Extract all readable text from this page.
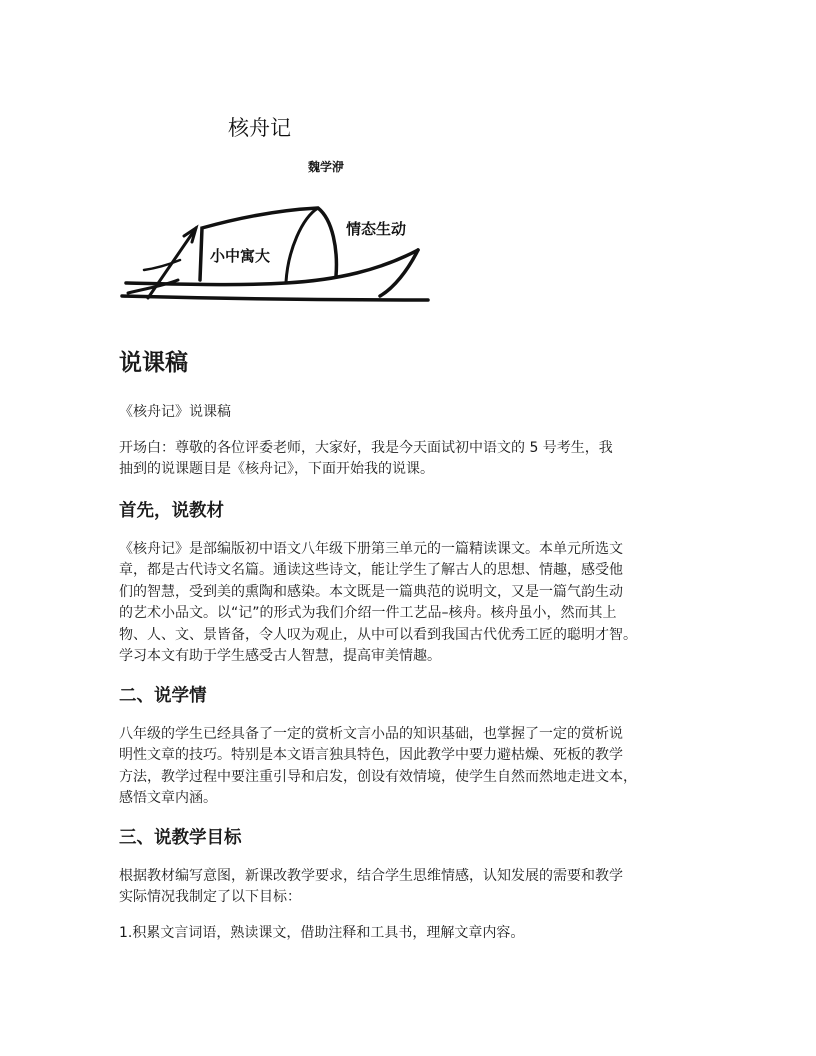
核舟记
魏学洢
小中寓大
情态生动
说课稿

《核舟记》说课稿

开场白：尊敬的各位评委老师，大家好，我是今天面试初中语文的 5 号考生，我
抽到的说课题目是《核舟记》，下面开始我的说课。

首先，说教材

《核舟记》是部编版初中语文八年级下册第三单元的一篇精读课文。本单元所选文
章，都是古代诗文名篇。通读这些诗文，能让学生了解古人的思想、情趣，感受他
们的智慧，受到美的熏陶和感染。本文既是一篇典范的说明文，又是一篇气韵生动
的艺术小品文。以“记”的形式为我们介绍一件工艺品–核舟。核舟虽小，然而其上
物、人、文、景皆备，令人叹为观止，从中可以看到我国古代优秀工匠的聪明才智。
学习本文有助于学生感受古人智慧，提高审美情趣。

二、说学情

八年级的学生已经具备了一定的赏析文言小品的知识基础，也掌握了一定的赏析说
明性文章的技巧。特别是本文语言独具特色，因此教学中要力避枯燥、死板的教学
方法，教学过程中要注重引导和启发，创设有效情境，使学生自然而然地走进文本，
感悟文章内涵。

三、说教学目标

根据教材编写意图，新课改教学要求，结合学生思维情感，认知发展的需要和教学
实际情况我制定了以下目标：

1.积累文言词语，熟读课文，借助注释和工具书，理解文章内容。
